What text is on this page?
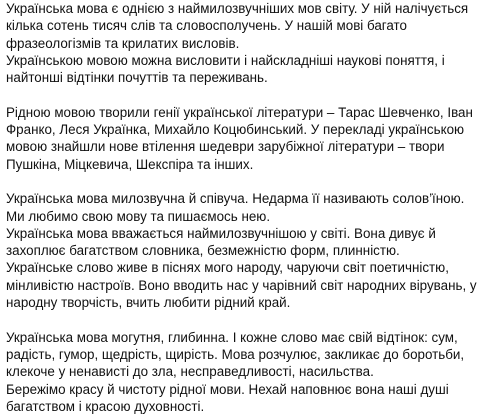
Українська мова є однією з наймилозвучніших мов світу. У ній налічується
кілька сотень тисяч слів та словосполучень. У нашій мові багато
фразеологізмів та крилатих висловів.
Українською мовою можна висловити і найскладніші наукові поняття, і
найтонші відтінки почуттів та переживань.
Рідною мовою творили генії української літератури – Тарас Шевченко, Іван
Франко, Леся Українка, Михайло Коцюбинський. У перекладі українською
мовою знайшли нове втілення шедеври зарубіжної літератури – твори
Пушкіна, Міцкевича, Шекспіра та інших.
Українська мова милозвучна й співуча. Недарма її називають солов’їною.
Ми любимо свою мову та пишаємось нею.
Українська мова вважається наймилозвучнішою у світі. Вона дивує й
захоплює багатством словника, безмежністю форм, плинністю.
Українське слово живе в піснях мого народу, чаруючи світ поетичністю,
мінливістю настроїв. Воно вводить нас у чарівний світ народних вірувань, у
народну творчість, вчить любити рідний край.
Українська мова могутня, глибинна. І кожне слово має свій відтінок: сум,
радість, гумор, щедрість, щирість. Мова розчулює, закликає до боротьби,
клекоче у ненависті до зла, несправедливості, насильства.
Бережімо красу й чистоту рідної мови. Нехай наповнює вона наші душі
багатством і красою духовності.
